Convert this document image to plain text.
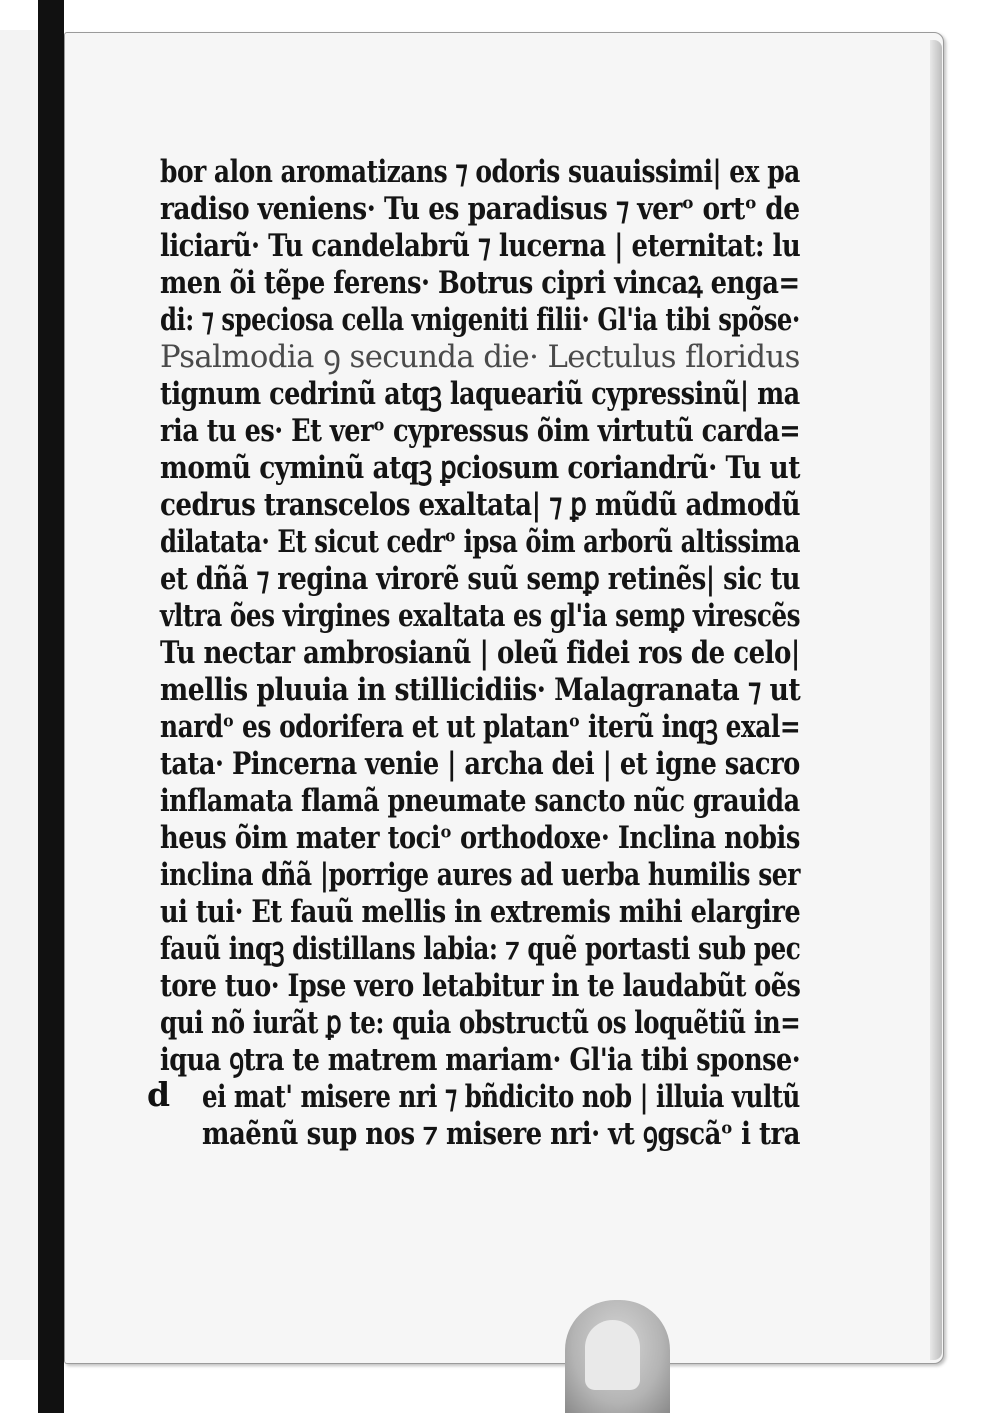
bor alon aromatizans ⁊ odoris suauissimi| ex pa
radiso veniens· Tu es paradisus ⁊ verᵒ ortᵒ de
liciarũ· Tu candelabrũ ⁊ lucerna | eternitat: lu
men õi tẽpe ferens· Botrus cipri vincaꝝ enga=
di: ⁊ speciosa cella vnigeniti filii· Gl'ia tibi spõse·
Psalmodia ꝯ secunda die· Lectulus floridus
tignum cedrinũ atqꝫ laqueariũ cypressinũ| ma
ria tu es· Et verᵒ cypressus õim virtutũ carda=
momũ cyminũ atqꝫ ꝑciosum coriandrũ· Tu ut
cedrus transcelos exaltata| ⁊ ꝑ mũdũ admodũ
dilatata· Et sicut cedrᵒ ipsa õim arborũ altissima
et dñã ⁊ regina virorẽ suũ semꝑ retinẽs| sic tu
vltra ões virgines exaltata es gl'ia semꝑ virescẽs
Tu nectar ambrosianũ | oleũ fidei ros de celo|
mellis pluuia in stillicidiis· Malagranata ⁊ ut
nardᵒ es odorifera et ut platanᵒ iterũ inqꝫ exal=
tata· Pincerna venie | archa dei | et igne sacro
inflamata flamã pneumate sancto nũc grauida
heus õim mater tociᵒ orthodoxe· Inclina nobis
inclina dñã |porrige aures ad uerba humilis ser
ui tui· Et fauũ mellis in extremis mihi elargire
fauũ inqꝫ distillans labia: ⁊ quẽ portasti sub pec
tore tuo· Ipse vero letabitur in te laudabũt oẽs
qui nõ iurãt ꝑ te: quia obstructũ os loquẽtiũ in=
iqua ꝯtra te matrem mariam· Gl'ia tibi sponse·
ei mat' misere nri ⁊ bñdicito nob | illuia vultũ
maẽnũ sup nos ⁊ misere nri· vt ꝯgscãᵒ i tra
d
